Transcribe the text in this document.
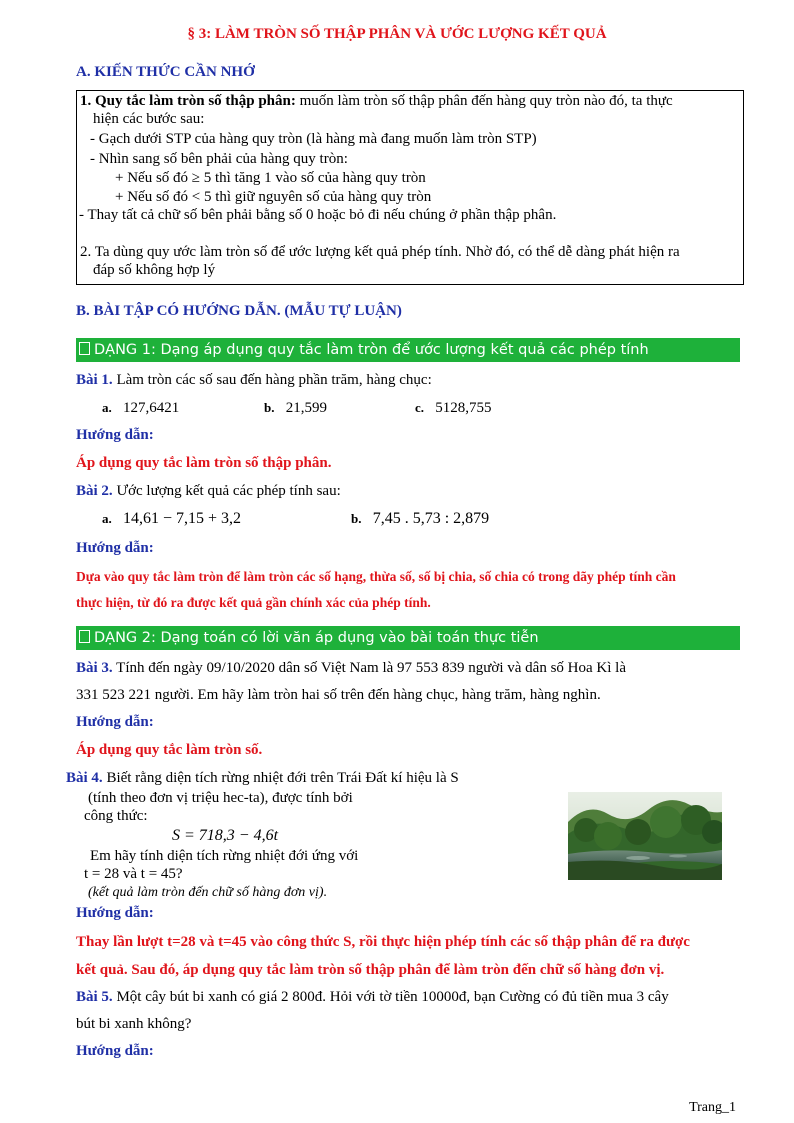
§ 3: LÀM TRÒN SỐ THẬP PHÂN VÀ ƯỚC LƯỢNG KẾT QUẢ
A. KIẾN THỨC CẦN NHỚ
1. Quy tắc làm tròn số thập phân: muốn làm tròn số thập phân đến hàng quy tròn nào đó, ta thực
hiện các bước sau:
- Gạch dưới STP của hàng quy tròn (là hàng mà đang muốn làm tròn STP)
- Nhìn sang số bên phải của hàng quy tròn:
+ Nếu số đó ≥ 5 thì tăng 1 vào số của hàng quy tròn
+ Nếu số đó < 5 thì giữ nguyên số của hàng quy tròn
- Thay tất cả chữ số bên phải bằng số 0 hoặc bỏ đi nếu chúng ở phần thập phân.
2. Ta dùng quy ước làm tròn số để ước lượng kết quả phép tính. Nhờ đó, có thể dễ dàng phát hiện ra
đáp số không hợp lý
B. BÀI TẬP CÓ HƯỚNG DẪN. (MẪU TỰ LUẬN)
DẠNG 1: Dạng áp dụng quy tắc làm tròn để ước lượng kết quả các phép tính
Bài 1. Làm tròn các số sau đến hàng phần trăm, hàng chục:
a. 127,6421	b. 21,599	c. 5128,755
Hướng dẫn:
Áp dụng quy tắc làm tròn số thập phân.
Bài 2. Ước lượng kết quả các phép tính sau:
a. 14,61 − 7,15 + 3,2	b. 7,45 . 5,73 : 2,879
Hướng dẫn:
Dựa vào quy tắc làm tròn để làm tròn các số hạng, thừa số, số bị chia, số chia có trong dãy phép tính cần
thực hiện, từ đó ra được kết quả gần chính xác của phép tính.
DẠNG 2: Dạng toán có lời văn áp dụng vào bài toán thực tiễn
Bài 3. Tính đến ngày 09/10/2020 dân số Việt Nam là 97 553 839 người và dân số Hoa Kì là
331 523 221 người. Em hãy làm tròn hai số trên đến hàng chục, hàng trăm, hàng nghìn.
Hướng dẫn:
Áp dụng quy tắc làm tròn số.
Bài 4. Biết rằng diện tích rừng nhiệt đới trên Trái Đất kí hiệu là S
(tính theo đơn vị triệu hec-ta), được tính bởi
công thức:
S = 718,3 − 4,6t
Em hãy tính diện tích rừng nhiệt đới ứng với
t = 28 và t = 45?
(kết quả làm tròn đến chữ số hàng đơn vị).
Hướng dẫn:
Thay lần lượt t=28 và t=45 vào công thức S, rồi thực hiện phép tính các số thập phân để ra được
kết quả. Sau đó, áp dụng quy tắc làm tròn số thập phân để làm tròn đến chữ số hàng đơn vị.
Bài 5. Một cây bút bi xanh có giá 2 800đ. Hỏi với tờ tiền 10000đ, bạn Cường có đủ tiền mua 3 cây
bút bi xanh không?
Hướng dẫn:
Trang_1
